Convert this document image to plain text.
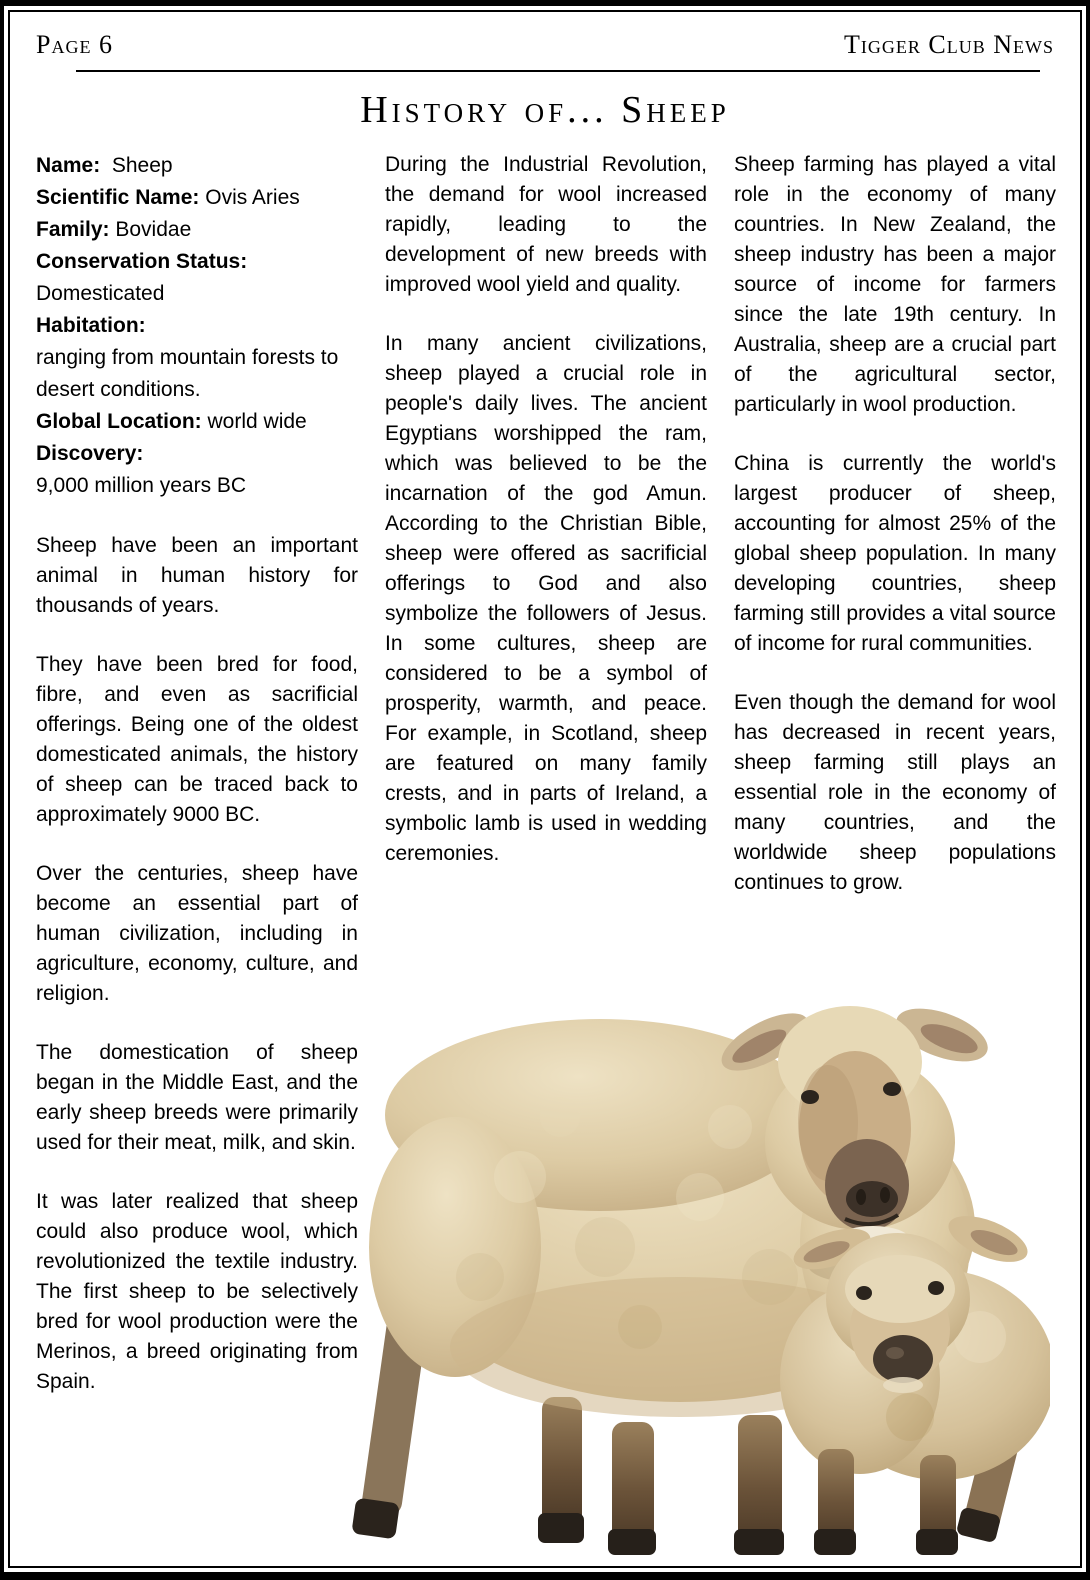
Page 6	Tigger Club News
History of... Sheep

Name: Sheep

Scientific Name: Ovis Aries

Family: Bovidae

Conservation Status:
Domesticated

Habitation:
ranging from mountain forests to desert conditions.

Global Location: world wide

Discovery:
9,000 million years BC

Sheep have been an important animal in human history for thousands of years.

They have been bred for food, fibre, and even as sacrificial offerings. Being one of the oldest domesticated animals, the history of sheep can be traced back to approximately 9000 BC.

Over the centuries, sheep have become an essential part of human civilization, including in agriculture, economy, culture, and religion.

The domestication of sheep began in the Middle East, and the early sheep breeds were primarily used for their meat, milk, and skin.

It was later realized that sheep could also produce wool, which revolutionized the textile industry. The first sheep to be selectively bred for wool production were the Merinos, a breed originating from Spain.

During the Industrial Revolution, the demand for wool increased rapidly, leading to the development of new breeds with improved wool yield and quality.

In many ancient civilizations, sheep played a crucial role in people's daily lives. The ancient Egyptians worshipped the ram, which was believed to be the incarnation of the god Amun. According to the Christian Bible, sheep were offered as sacrificial offerings to God and also symbolize the followers of Jesus. In some cultures, sheep are considered to be a symbol of prosperity, warmth, and peace. For example, in Scotland, sheep are featured on many family crests, and in parts of Ireland, a symbolic lamb is used in wedding ceremonies.

Sheep farming has played a vital role in the economy of many countries. In New Zealand, the sheep industry has been a major source of income for farmers since the late 19th century. In Australia, sheep are a crucial part of the agricultural sector, particularly in wool production.

China is currently the world's largest producer of sheep, accounting for almost 25% of the global sheep population. In many developing countries, sheep farming still provides a vital source of income for rural communities.

Even though the demand for wool has decreased in recent years, sheep farming still plays an essential role in the economy of many countries, and the worldwide sheep populations continues to grow.
